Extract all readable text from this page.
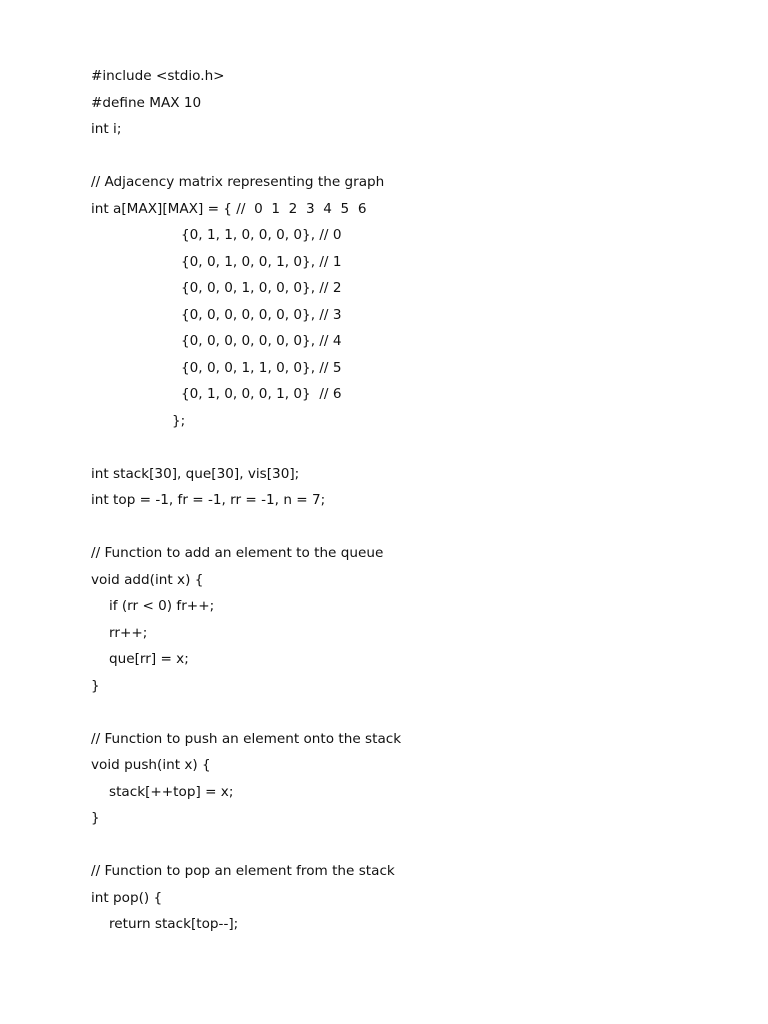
#include <stdio.h>
#define MAX 10
int i;
// Adjacency matrix representing the graph
int a[MAX][MAX] = { //  0  1  2  3  4  5  6
{0, 1, 1, 0, 0, 0, 0}, // 0
{0, 0, 1, 0, 0, 1, 0}, // 1
{0, 0, 0, 1, 0, 0, 0}, // 2
{0, 0, 0, 0, 0, 0, 0}, // 3
{0, 0, 0, 0, 0, 0, 0}, // 4
{0, 0, 0, 1, 1, 0, 0}, // 5
{0, 1, 0, 0, 0, 1, 0}  // 6
};
int stack[30], que[30], vis[30];
int top = -1, fr = -1, rr = -1, n = 7;
// Function to add an element to the queue
void add(int x) {
if (rr < 0) fr++;
rr++;
que[rr] = x;
}
// Function to push an element onto the stack
void push(int x) {
stack[++top] = x;
}
// Function to pop an element from the stack
int pop() {
return stack[top--];
